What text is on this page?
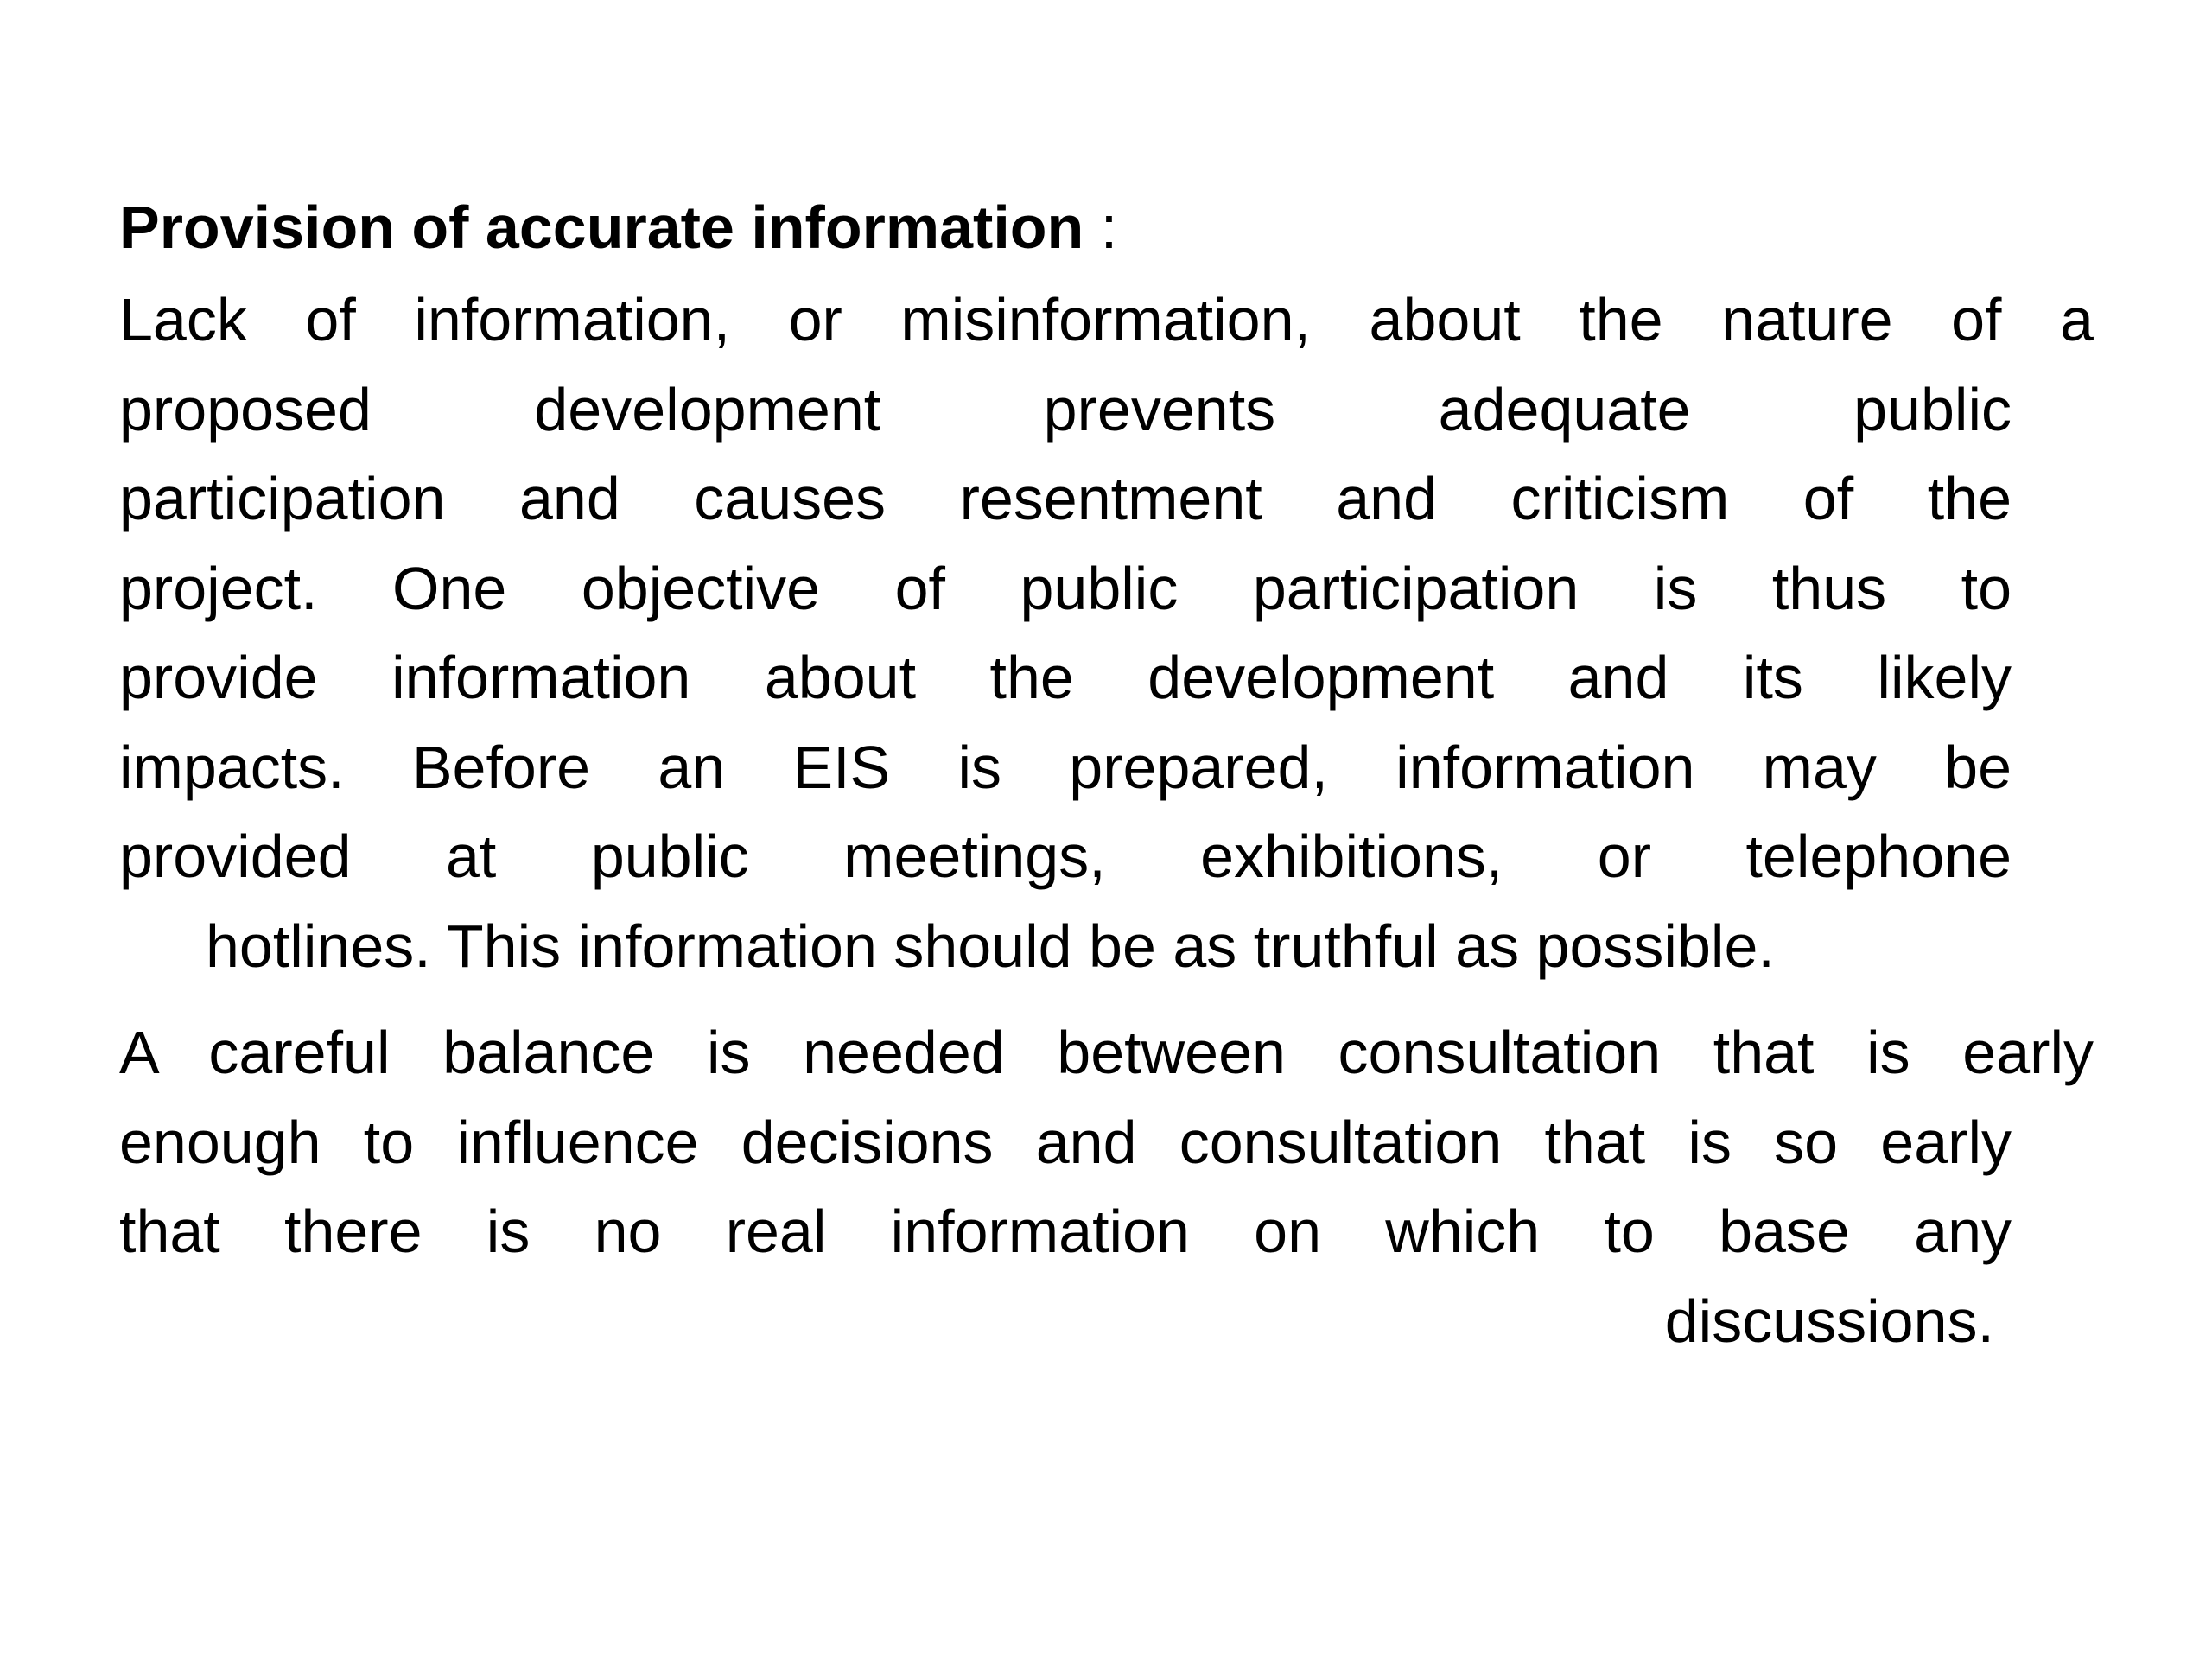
Provision of accurate information :
Lack of information, or misinformation, about the nature of a
proposed development prevents adequate public
participation and causes resentment and criticism of the
project. One objective of public participation is thus to
provide information about the development and its likely
impacts. Before an EIS is prepared, information may be
provided at public meetings, exhibitions, or telephone
hotlines. This information should be as truthful as possible.
A careful balance is needed between consultation that is early
enough to influence decisions and consultation that is so early
that there is no real information on which to base any
discussions.
